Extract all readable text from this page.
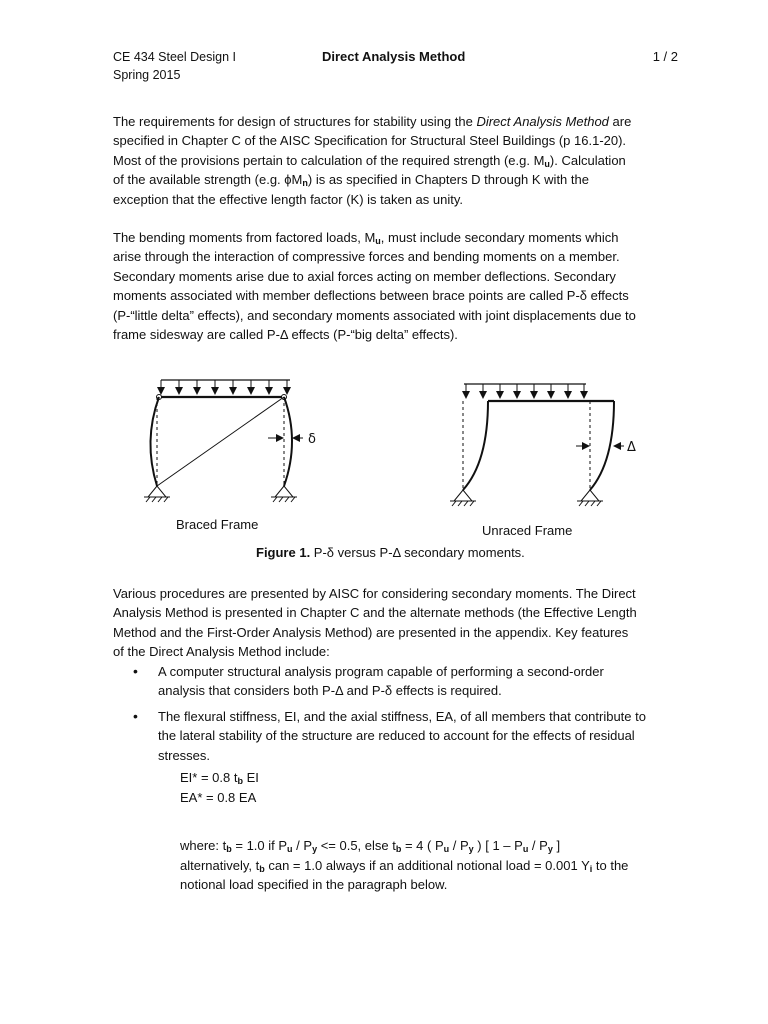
CE 434 Steel Design I
Spring 2015
Direct Analysis Method	1 / 2
The requirements for design of structures for stability using the Direct Analysis Method are
specified in Chapter C of the AISC Specification for Structural Steel Buildings (p 16.1-20).
Most of the provisions pertain to calculation of the required strength (e.g. $M_u$). Calculation
of the available strength (e.g. $\phi M_n$) is as specified in Chapters D through K with the
exception that the effective length factor (K) is taken as unity.
The bending moments from factored loads, $M_u$, must include secondary moments which
arise through the interaction of compressive forces and bending moments on a member.
Secondary moments arise due to axial forces acting on member deflections. Secondary
moments associated with member deflections between brace points are called P-δ effects
(P-“little delta” effects), and secondary moments associated with joint displacements due to
frame sidesway are called P-Δ effects (P-“big delta” effects).
δ
Δ
Braced Frame	Unraced Frame
Figure 1. P-δ versus P-Δ secondary moments.
Various procedures are presented by AISC for considering secondary moments. The Direct
Analysis Method is presented in Chapter C and the alternate methods (the Effective Length
Method and the First-Order Analysis Method) are presented in the appendix. Key features
of the Direct Analysis Method include:
• A computer structural analysis program capable of performing a second-order
analysis that considers both P-Δ and P-δ effects is required.
• The flexural stiffness, EI, and the axial stiffness, EA, of all members that contribute to
the lateral stability of the structure are reduced to account for the effects of residual
stresses.
EI* = 0.8 $t_b$ EI
EA* = 0.8 EA
where: $t_b = 1.0$ if $P_u / P_y <= 0.5$, else $t_b = 4$ ( $P_u / P_y$ ) [ $1 - P_u / P_y$ ]
alternatively, $t_b$ can = 1.0 always if an additional notional load = 0.001 $Y_i$ to the
notional load specified in the paragraph below.
